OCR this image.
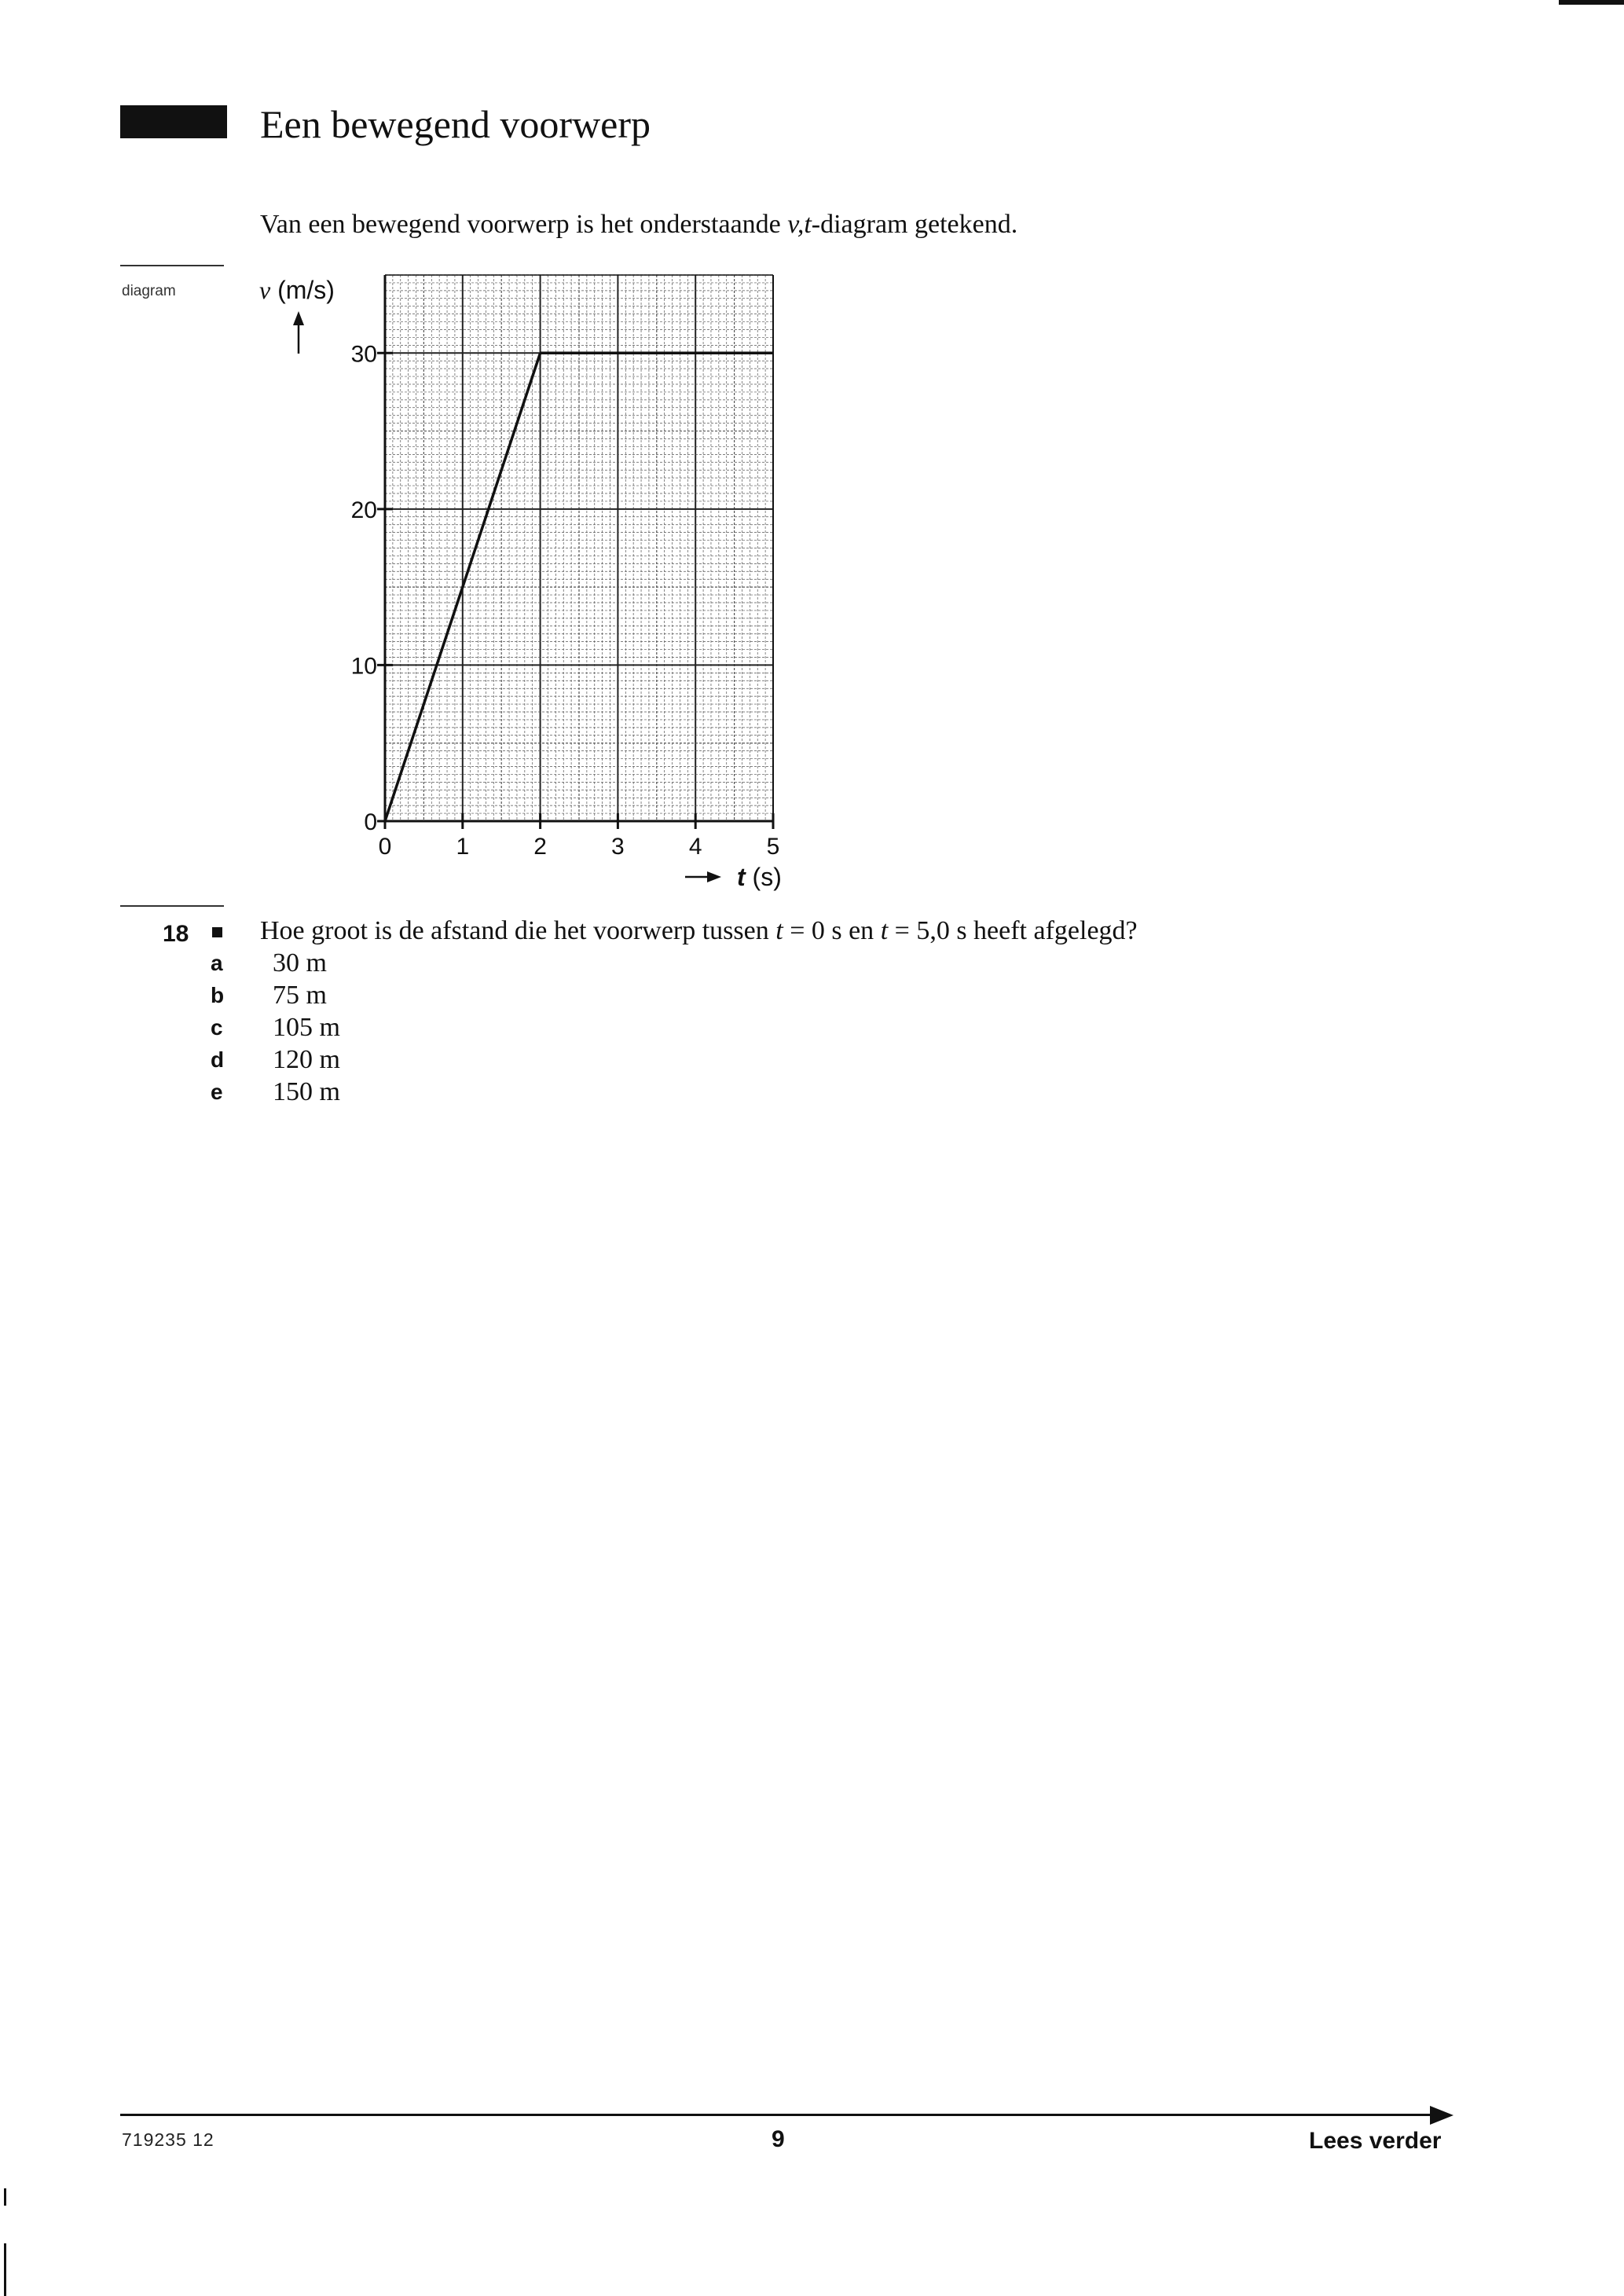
Een bewegend voorwerp
Van een bewegend voorwerp is het onderstaande v,t-diagram getekend.
diagram
0	1	2	3	4	5
0
10
20
30
v (m/s)
t (s)
18	Hoe groot is de afstand die het voorwerp tussen t = 0 s en t = 5,0 s heeft afgelegd?
a 30 m
b 75 m
c 105 m
d 120 m
e 150 m
719235 12	9	Lees verder
